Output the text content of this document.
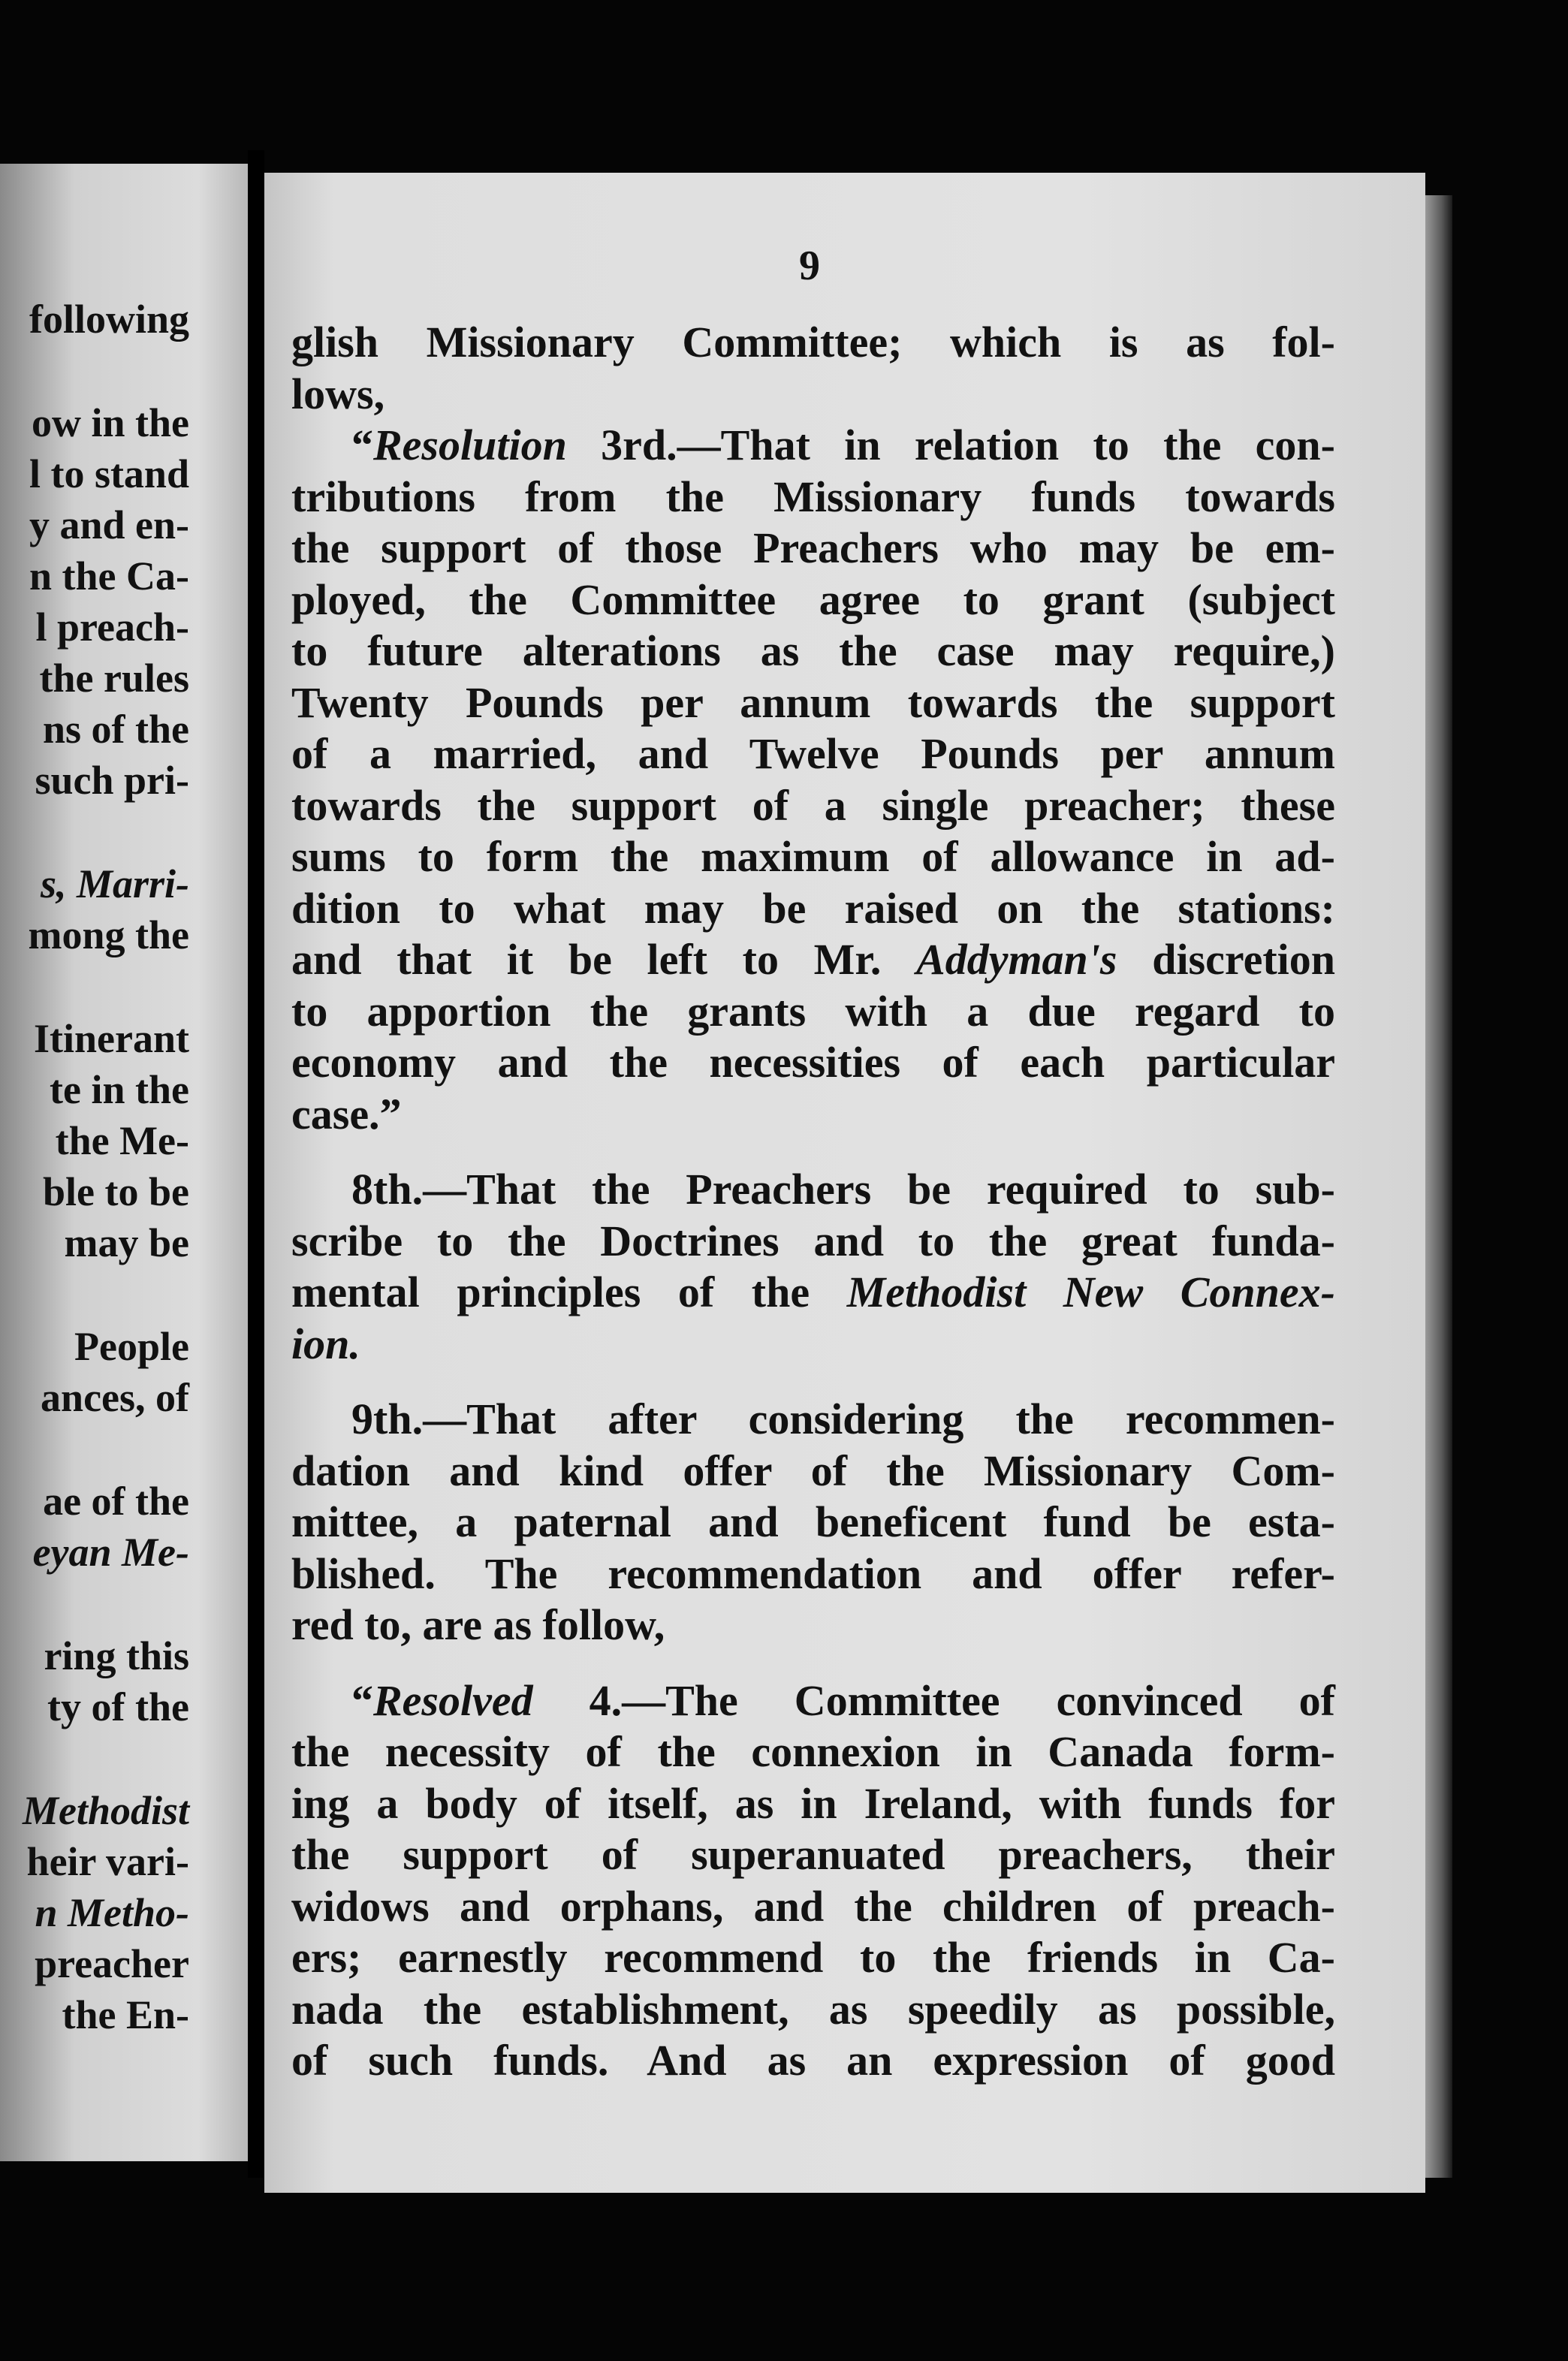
following

ow in the

l to stand

y and en-

n the Ca-

l preach-

the rules

ns of the

such pri-

s, Marri-

mong the

Itinerant

te in the

the Me-

ble to be

may be

People

ances, of

ae of the

eyan Me-

ring this

ty of the

Methodist

heir vari-

n Metho-

preacher

the En-

9

glish Missionary Committee; which is as fol-

lows,

“Resolution 3rd.—That in relation to the con-

tributions from the Missionary funds towards

the support of those Preachers who may be em-

ployed, the Committee agree to grant (subject

to future alterations as the case may require,)

Twenty Pounds per annum towards the support

of a married, and Twelve Pounds per annum

towards the support of a single preacher; these

sums to form the maximum of allowance in ad-

dition to what may be raised on the stations:

and that it be left to Mr. Addyman's discretion

to apportion the grants with a due regard to

economy and the necessities of each particular

case.”

8th.—That the Preachers be required to sub-

scribe to the Doctrines and to the great funda-

mental principles of the Methodist New Connex-

ion.

9th.—That after considering the recommen-

dation and kind offer of the Missionary Com-

mittee, a paternal and beneficent fund be esta-

blished. The recommendation and offer refer-

red to, are as follow,

“Resolved 4.—The Committee convinced of

the necessity of the connexion in Canada form-

ing a body of itself, as in Ireland, with funds for

the support of superanuated preachers, their

widows and orphans, and the children of preach-

ers; earnestly recommend to the friends in Ca-

nada the establishment, as speedily as possible,

of such funds. And as an expression of good
